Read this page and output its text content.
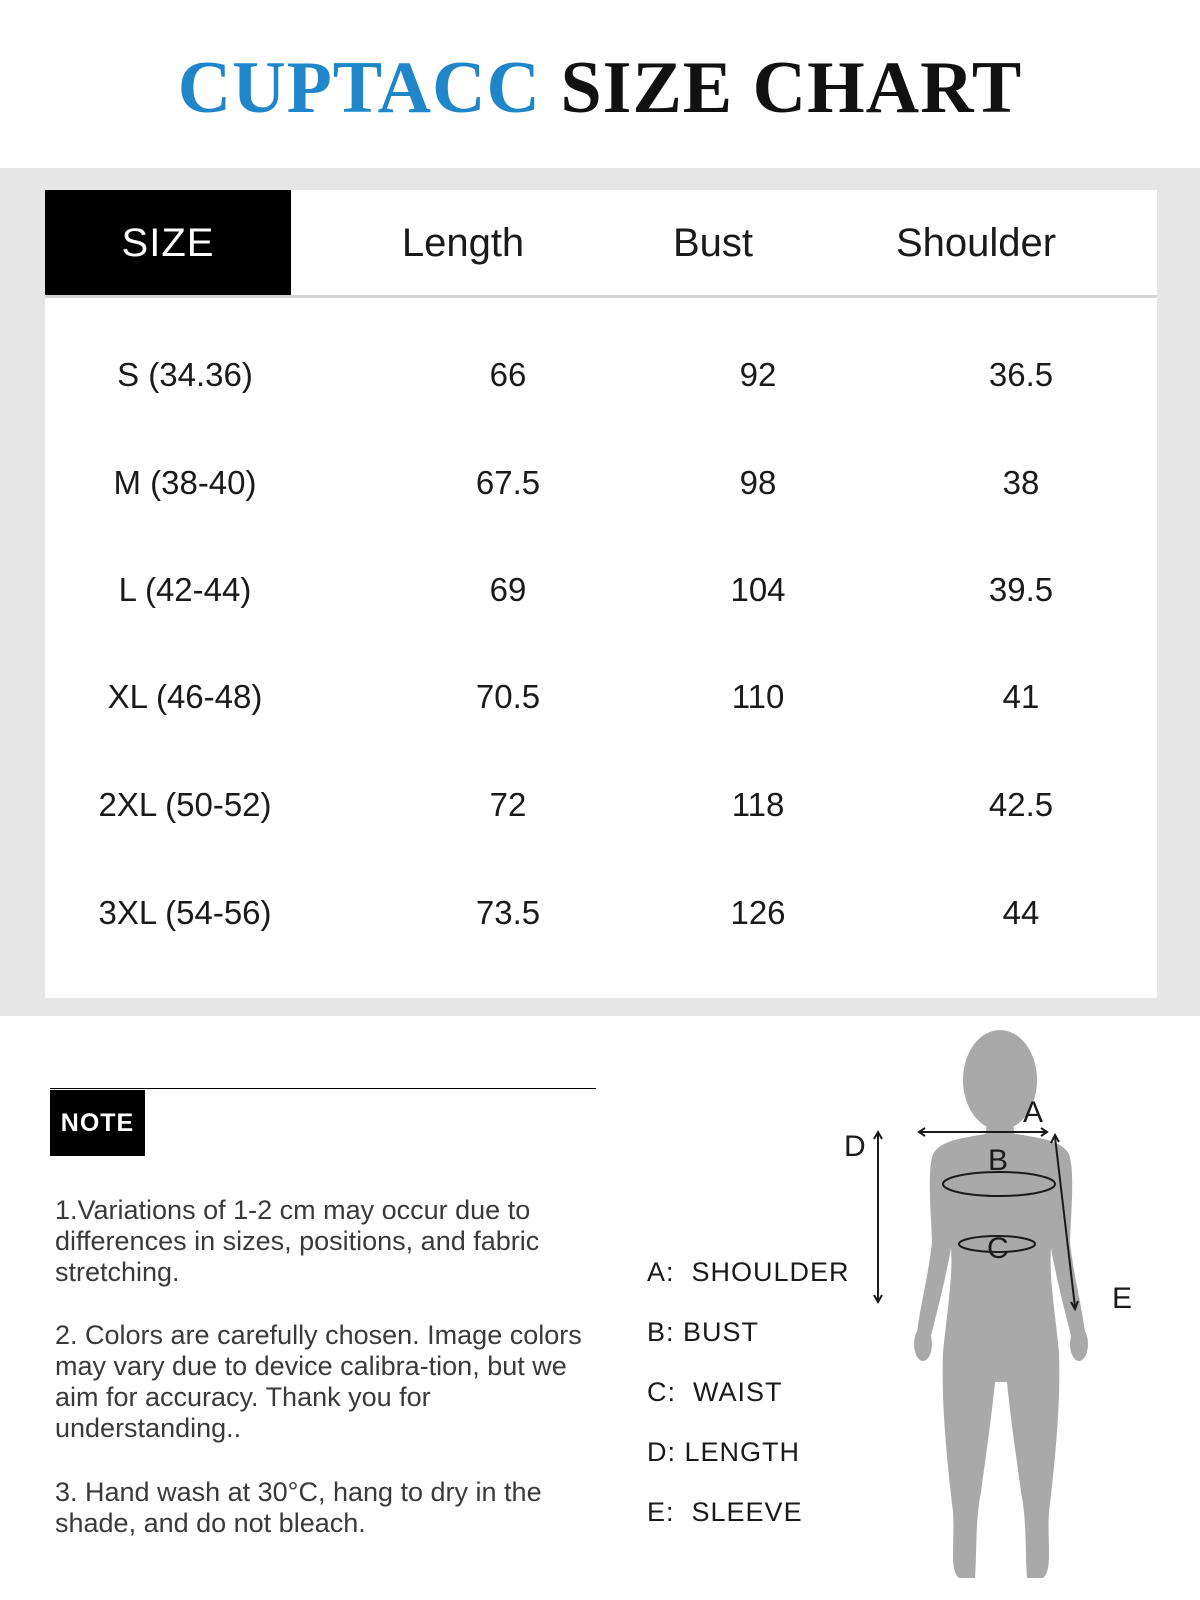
CUPTACC SIZE CHART
SIZE	Length	Bust	Shoulder
S (34.36)	66	92	36.5
M (38-40)	67.5	98	38
L (42-44)	69	104	39.5
XL (46-48)	70.5	110	41
2XL (50-52)	72	118	42.5
3XL (54-56)	73.5	126	44
NOTE
1.Variations of 1-2 cm may occur due to differences in sizes, positions, and fabric stretching.
2. Colors are carefully chosen. Image colors may vary due to device calibra-tion, but we aim for accuracy. Thank you for understanding..
3. Hand wash at 30°C, hang to dry in the shade, and do not bleach.
A:  SHOULDER
B: BUST
C:  WAIST
D: LENGTH
E:  SLEEVE
A
B
C
D
E
